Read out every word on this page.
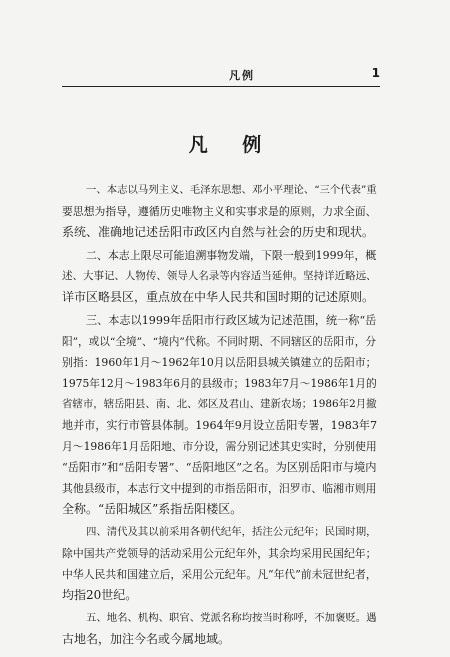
凡例	1
凡 例

一、本志以马列主义、毛泽东思想、邓小平理论、“三个代表”重
要思想为指导，遵循历史唯物主义和实事求是的原则，力求全面、
系统、准确地记述岳阳市政区内自然与社会的历史和现状。

二、本志上限尽可能追溯事物发端，下限一般到1999年，概
述、大事记、人物传、领导人名录等内容适当延伸。坚持详近略远、
详市区略县区，重点放在中华人民共和国时期的记述原则。

三、本志以1999年岳阳市行政区域为记述范围，统一称“岳
阳”，或以“全境”、“境内”代称。不同时期、不同辖区的岳阳市，分
别指：1960年1月～1962年10月以岳阳县城关镇建立的岳阳市；
1975年12月～1983年6月的县级市；1983年7月～1986年1月的
省辖市，辖岳阳县、南、北、郊区及君山、建新农场；1986年2月撤
地并市，实行市管县体制。1964年9月设立岳阳专署，1983年7
月～1986年1月岳阳地、市分设，需分别记述其史实时，分别使用
“岳阳市”和“岳阳专署”、“岳阳地区”之名。为区别岳阳市与境内
其他县级市，本志行文中提到的市指岳阳市，汨罗市、临湘市则用
全称。“岳阳城区”系指岳阳楼区。

四、清代及其以前采用各朝代纪年，括注公元纪年；民国时期，
除中国共产党领导的活动采用公元纪年外，其余均采用民国纪年；
中华人民共和国建立后，采用公元纪年。凡“年代”前未冠世纪者，
均指20世纪。

五、地名、机构、职官、党派名称均按当时称呼，不加褒贬。遇
古地名，加注今名或今属地域。
